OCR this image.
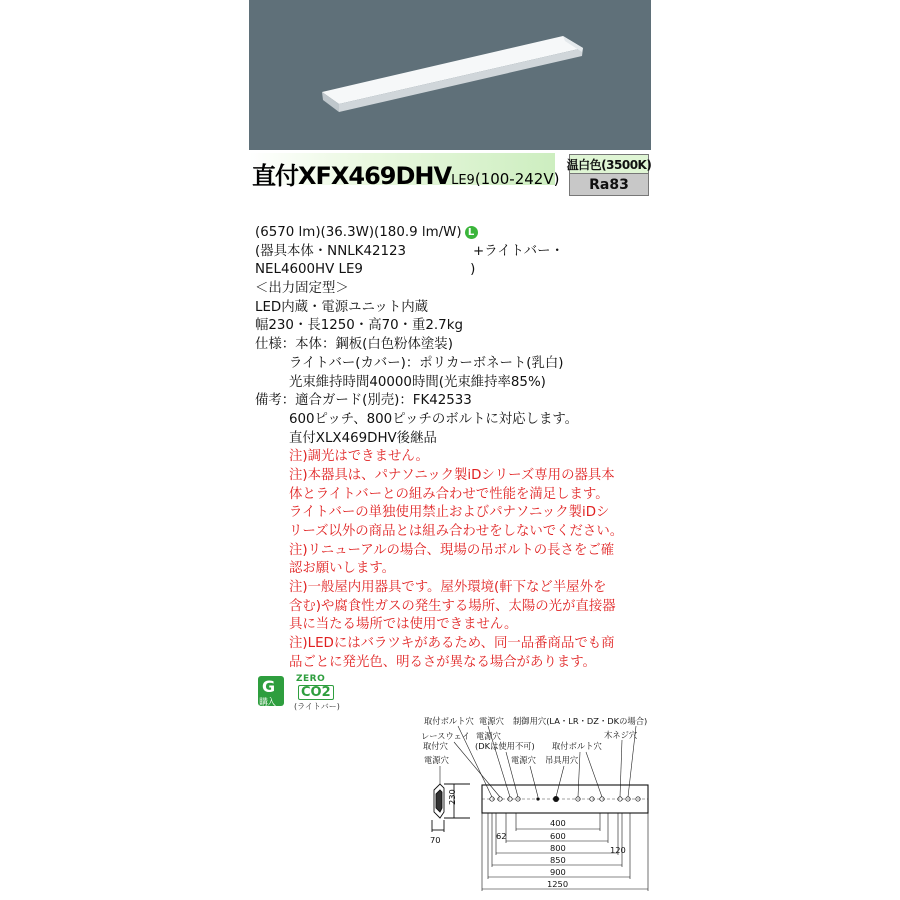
直付XFX469DHVLE9(100-242V)
温白色(3500K)
Ra83
(6570 lm)(36.3W)(180.9 lm/W) L
(器具本体・NNLK42123　　　　　+ライトバー・
NEL4600HV LE9　　　　　　　　)
＜出力固定型＞
LED内蔵・電源ユニット内蔵
幅230・長1250・高70・重2.7kg
仕様：本体：鋼板(白色粉体塗装)
ライトバー(カバー)：ポリカーボネート(乳白)
光束維持時間40000時間(光束維持率85%)
備考：適合ガード(別売)：FK42533
600ピッチ、800ピッチのボルトに対応します。
直付XLX469DHV後継品
注)調光はできません。
注)本器具は、パナソニック製iDシリーズ専用の器具本
体とライトバーとの組み合わせで性能を満足します。
ライトバーの単独使用禁止およびパナソニック製iDシ
リーズ以外の商品とは組み合わせをしないでください。
注)リニューアルの場合、現場の吊ボルトの長さをご確
認お願いします。
注)一般屋内用器具です。屋外環境(軒下など半屋外を
含む)や腐食性ガスの発生する場所、太陽の光が直接器
具に当たる場所では使用できません。
注)LEDにはバラツキがあるため、同一品番商品でも商
品ごとに発光色、明るさが異なる場合があります。
G
購入
ZERO
CO2
(ライトバー)
取付ボルト穴 電源穴 制御用穴(LA・LR・DZ・DKの場合)
レースウェイ 電源穴	木ネジ穴
取付穴	(DKは使用不可) 取付ボルト穴
電源穴	電源穴 吊具用穴
230
70
400
600
800
850
900
1250
62
120
